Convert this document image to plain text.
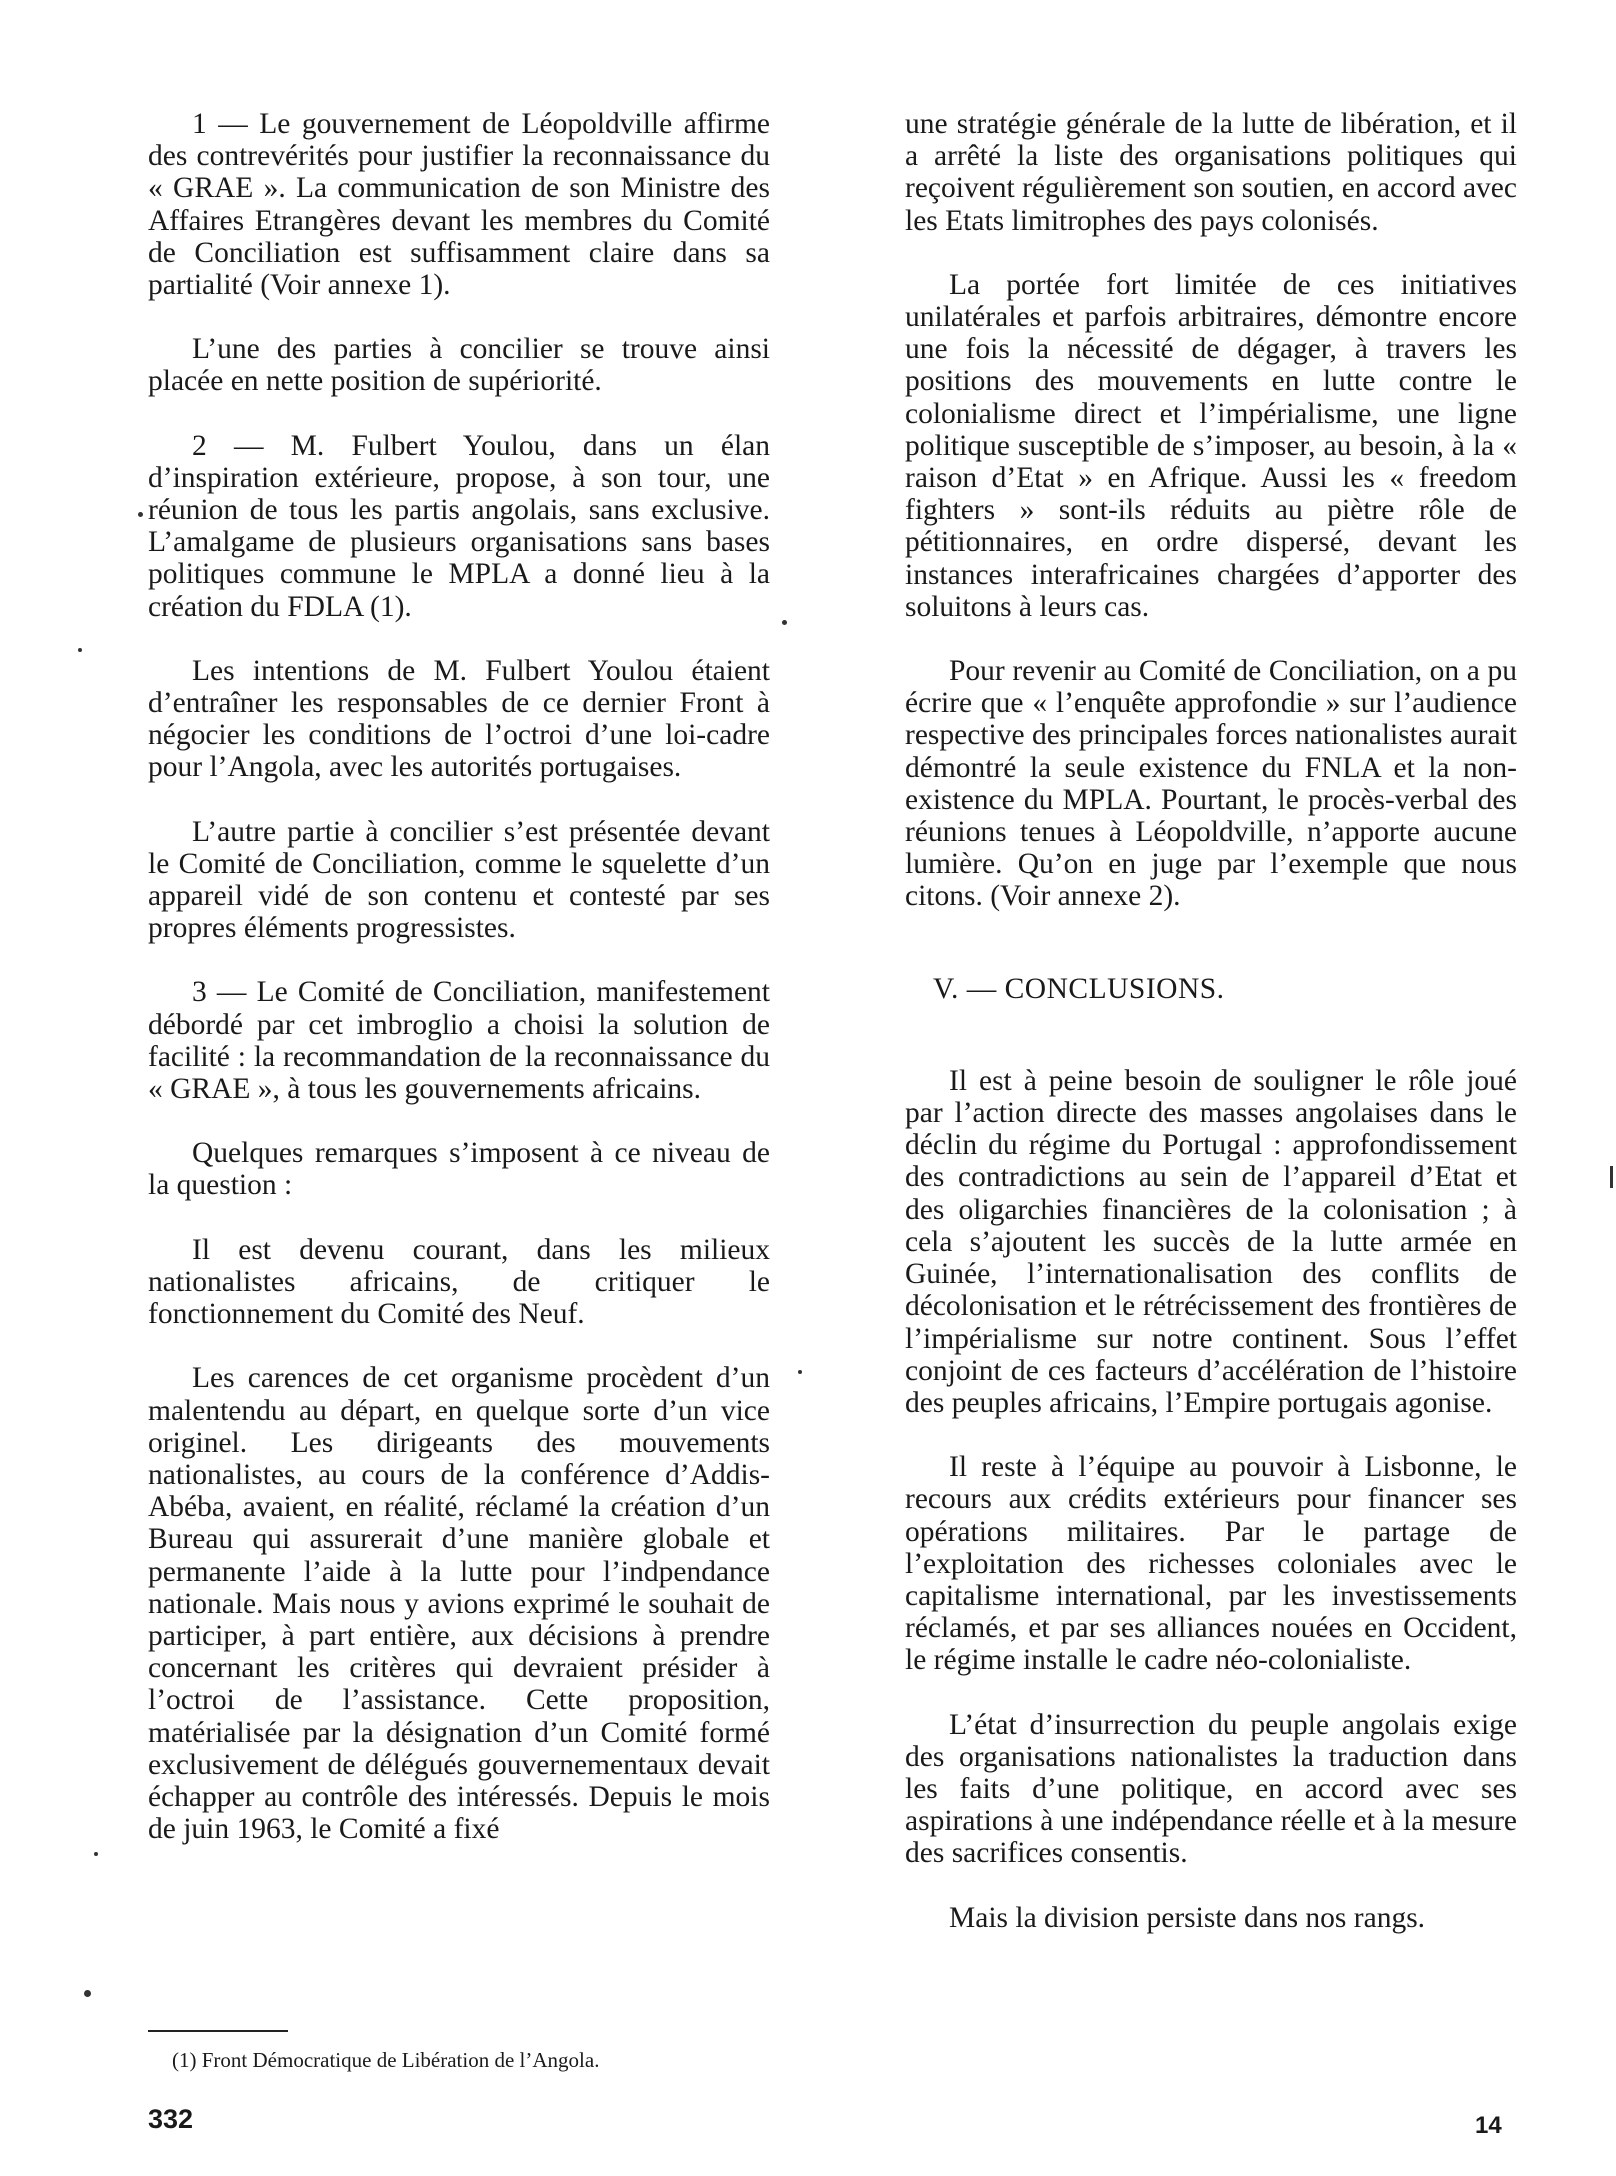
1 — Le gouvernement de Léopoldville affirme des contrevérités pour justifier la reconnaissance du « GRAE ». La communication de son Ministre des Affaires Etrangères devant les membres du Comité de Conciliation est suffisamment claire dans sa partialité (Voir annexe 1).

L’une des parties à concilier se trouve ainsi placée en nette position de supériorité.

2 — M. Fulbert Youlou, dans un élan d’inspiration extérieure, propose, à son tour, une réunion de tous les partis angolais, sans exclusive. L’amalgame de plusieurs organisations sans bases politiques commune le MPLA a donné lieu à la création du FDLA (1).

Les intentions de M. Fulbert Youlou étaient d’entraîner les responsables de ce dernier Front à négocier les conditions de l’octroi d’une loi-cadre pour l’Angola, avec les autorités portugaises.

L’autre partie à concilier s’est présentée devant le Comité de Conciliation, comme le squelette d’un appareil vidé de son contenu et contesté par ses propres éléments progressistes.

3 — Le Comité de Conciliation, manifestement débordé par cet imbroglio a choisi la solution de facilité : la recommandation de la reconnaissance du « GRAE », à tous les gouvernements africains.

Quelques remarques s’imposent à ce niveau de la question :

Il est devenu courant, dans les milieux nationalistes africains, de critiquer le fonctionnement du Comité des Neuf.

Les carences de cet organisme procèdent d’un malentendu au départ, en quelque sorte d’un vice originel. Les dirigeants des mouvements nationalistes, au cours de la conférence d’Addis-Abéba, avaient, en réalité, réclamé la création d’un Bureau qui assurerait d’une manière globale et permanente l’aide à la lutte pour l’indpendance nationale. Mais nous y avions exprimé le souhait de participer, à part entière, aux décisions à prendre concernant les critères qui devraient présider à l’octroi de l’assistance. Cette proposition, matérialisée par la désignation d’un Comité formé exclusivement de délégués gouvernementaux devait échapper au contrôle des intéressés. Depuis le mois de juin 1963, le Comité a fixé

une stratégie générale de la lutte de libération, et il a arrêté la liste des organisations politiques qui reçoivent régulièrement son soutien, en accord avec les Etats limitrophes des pays colonisés.

La portée fort limitée de ces initiatives unilatérales et parfois arbitraires, démontre encore une fois la nécessité de dégager, à travers les positions des mouvements en lutte contre le colonialisme direct et l’impérialisme, une ligne politique susceptible de s’imposer, au besoin, à la « raison d’Etat » en Afrique. Aussi les « freedom fighters » sont-ils réduits au piètre rôle de pétitionnaires, en ordre dispersé, devant les instances interafricaines chargées d’apporter des soluitons à leurs cas.

Pour revenir au Comité de Conciliation, on a pu écrire que « l’enquête approfondie » sur l’audience respective des principales forces nationalistes aurait démontré la seule existence du FNLA et la non-existence du MPLA. Pourtant, le procès-verbal des réunions tenues à Léopoldville, n’apporte aucune lumière. Qu’on en juge par l’exemple que nous citons. (Voir annexe 2).

V. — CONCLUSIONS.

Il est à peine besoin de souligner le rôle joué par l’action directe des masses angolaises dans le déclin du régime du Portugal : approfondissement des contradictions au sein de l’appareil d’Etat et des oligarchies financières de la colonisation ; à cela s’ajoutent les succès de la lutte armée en Guinée, l’internationalisation des conflits de décolonisation et le rétrécissement des frontières de l’impérialisme sur notre continent. Sous l’effet conjoint de ces facteurs d’accélération de l’histoire des peuples africains, l’Empire portugais agonise.

Il reste à l’équipe au pouvoir à Lisbonne, le recours aux crédits extérieurs pour financer ses opérations militaires. Par le partage de l’exploitation des richesses coloniales avec le capitalisme international, par les investissements réclamés, et par ses alliances nouées en Occident, le régime installe le cadre néo-colonialiste.

L’état d’insurrection du peuple angolais exige des organisations nationalistes la traduction dans les faits d’une politique, en accord avec ses aspirations à une indépendance réelle et à la mesure des sacrifices consentis.

Mais la division persiste dans nos rangs.

(1) Front Démocratique de Libération de l’Angola.

332	14
